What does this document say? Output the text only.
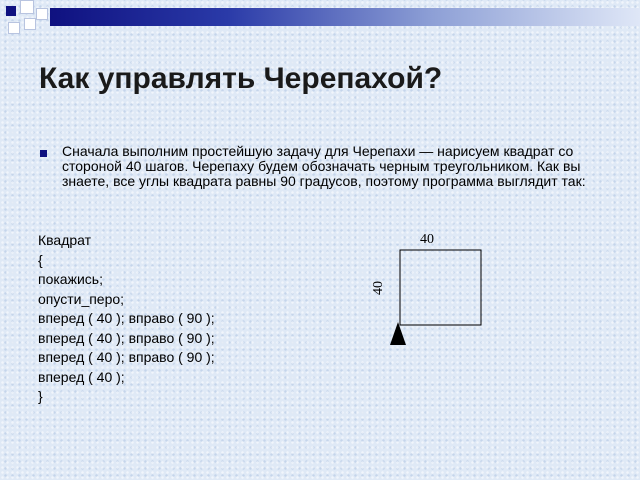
Как управлять Черепахой?

Сначала выполним простейшую задачу для Черепахи — нарисуем квадрат со стороной 40 шагов. Черепаху будем обозначать черным треугольником. Как вы знаете, все углы квадрата равны 90 градусов, поэтому программа выглядит так:

Квадрат
{
покажись;
опусти_перо;
вперед ( 40 ); вправо ( 90 );
вперед ( 40 ); вправо ( 90 );
вперед ( 40 ); вправо ( 90 );
вперед ( 40 );
}
40
40
